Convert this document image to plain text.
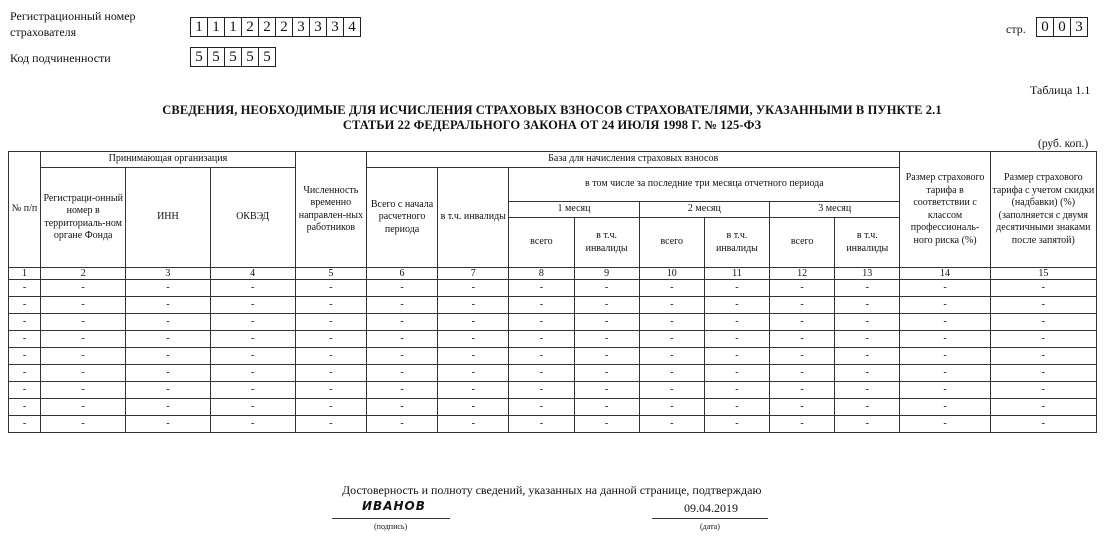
Регистрационный номер
страхователя	1 1 1 2 2 2 3 3 3 4
Код подчиненности	5 5 5 5 5
стр.	0 0 3
Таблица 1.1
СВЕДЕНИЯ, НЕОБХОДИМЫЕ ДЛЯ ИСЧИСЛЕНИЯ СТРАХОВЫХ ВЗНОСОВ СТРАХОВАТЕЛЯМИ, УКАЗАННЫМИ В ПУНКТЕ 2.1
СТАТЬИ 22 ФЕДЕРАЛЬНОГО ЗАКОНА ОТ 24 ИЮЛЯ 1998 Г. № 125-ФЗ
(руб. коп.)
№ п/п	Принимающая организация			Численность временно направлен-ных работников	База для начисления страховых взносов								Размер страхового тарифа в соответствии с классом профессиональ-ного риска (%)	Размер страхового тарифа с учетом скидки (надбавки) (%) (заполняется с двумя десятичными знаками после запятой)
	Регистраци-онный номер в территориаль-ном органе Фонда	ИНН	ОКВЭД		Всего с начала расчетного периода	в т.ч. инвалиды	в том числе за последние три месяца отчетного периода							
							1 месяц		2 месяц		3 месяц			
							всего	в т.ч. инвалиды	всего	в т.ч. инвалиды	всего	в т.ч. инвалиды		
1	2	3	4	5	6	7	8	9	10	11	12	13	14	15
-	-	-	-	-	-	-	-	-	-	-	-	-	-	-
-	-	-	-	-	-	-	-	-	-	-	-	-	-	-
-	-	-	-	-	-	-	-	-	-	-	-	-	-	-
-	-	-	-	-	-	-	-	-	-	-	-	-	-	-
-	-	-	-	-	-	-	-	-	-	-	-	-	-	-
-	-	-	-	-	-	-	-	-	-	-	-	-	-	-
-	-	-	-	-	-	-	-	-	-	-	-	-	-	-
-	-	-	-	-	-	-	-	-	-	-	-	-	-	-
-	-	-	-	-	-	-	-	-	-	-	-	-	-	-
Достоверность и полноту сведений, указанных на данной странице, подтверждаю
ИВАНОВ
(подпись)
09.04.2019
(дата)
